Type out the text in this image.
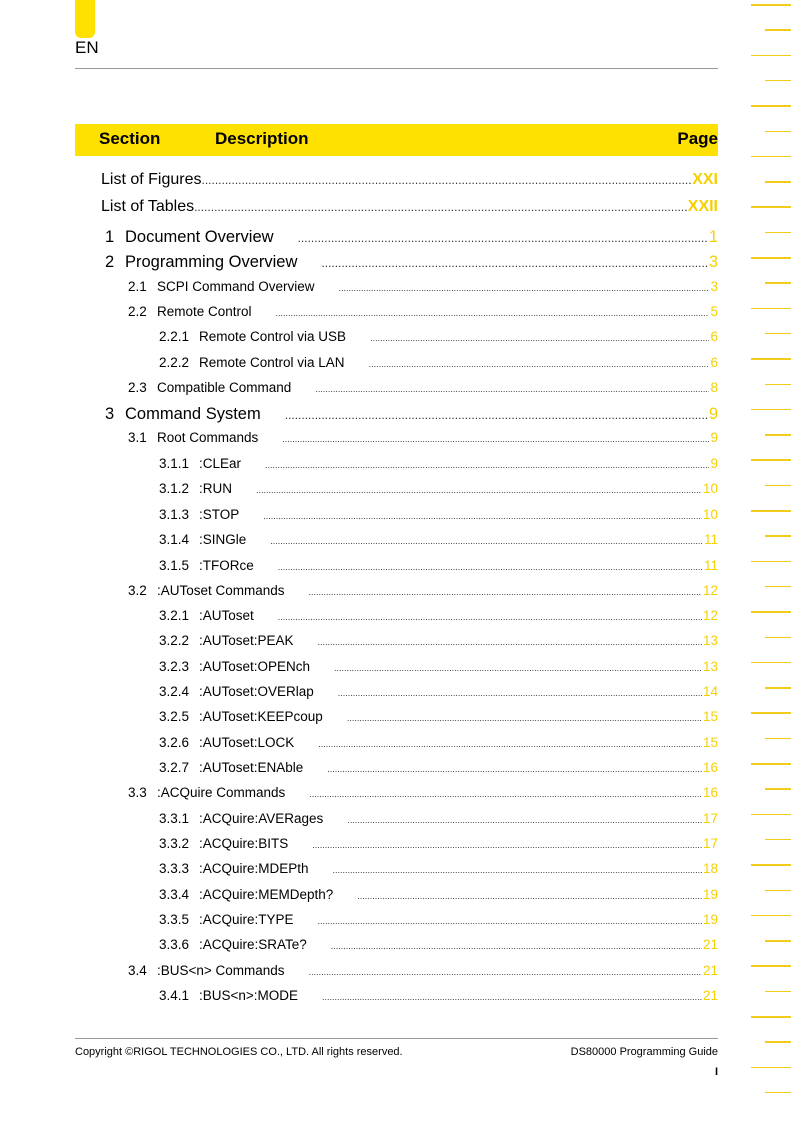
EN
Section	Description	Page
List of Figures .....	XXI
List of Tables .....	XXII
1 Document Overview .....	1
2 Programming Overview .....	3
2.1 SCPI Command Overview .....	3
2.2 Remote Control .....	5
2.2.1 Remote Control via USB .....	6
2.2.2 Remote Control via LAN .....	6
2.3 Compatible Command .....	8
3 Command System .....	9
3.1 Root Commands .....	9
3.1.1 :CLEar .....	9
3.1.2 :RUN .....	10
3.1.3 :STOP .....	10
3.1.4 :SINGle .....	11
3.1.5 :TFORce .....	11
3.2 :AUToset Commands .....	12
3.2.1 :AUToset .....	12
3.2.2 :AUToset:PEAK .....	13
3.2.3 :AUToset:OPENch .....	13
3.2.4 :AUToset:OVERlap .....	14
3.2.5 :AUToset:KEEPcoup .....	15
3.2.6 :AUToset:LOCK .....	15
3.2.7 :AUToset:ENAble .....	16
3.3 :ACQuire Commands .....	16
3.3.1 :ACQuire:AVERages .....	17
3.3.2 :ACQuire:BITS .....	17
3.3.3 :ACQuire:MDEPth .....	18
3.3.4 :ACQuire:MEMDepth? .....	19
3.3.5 :ACQuire:TYPE .....	19
3.3.6 :ACQuire:SRATe? .....	21
3.4 :BUS<n> Commands .....	21
3.4.1 :BUS<n>:MODE .....	21
Copyright ©RIGOL TECHNOLOGIES CO., LTD. All rights reserved.	DS80000 Programming Guide
I
